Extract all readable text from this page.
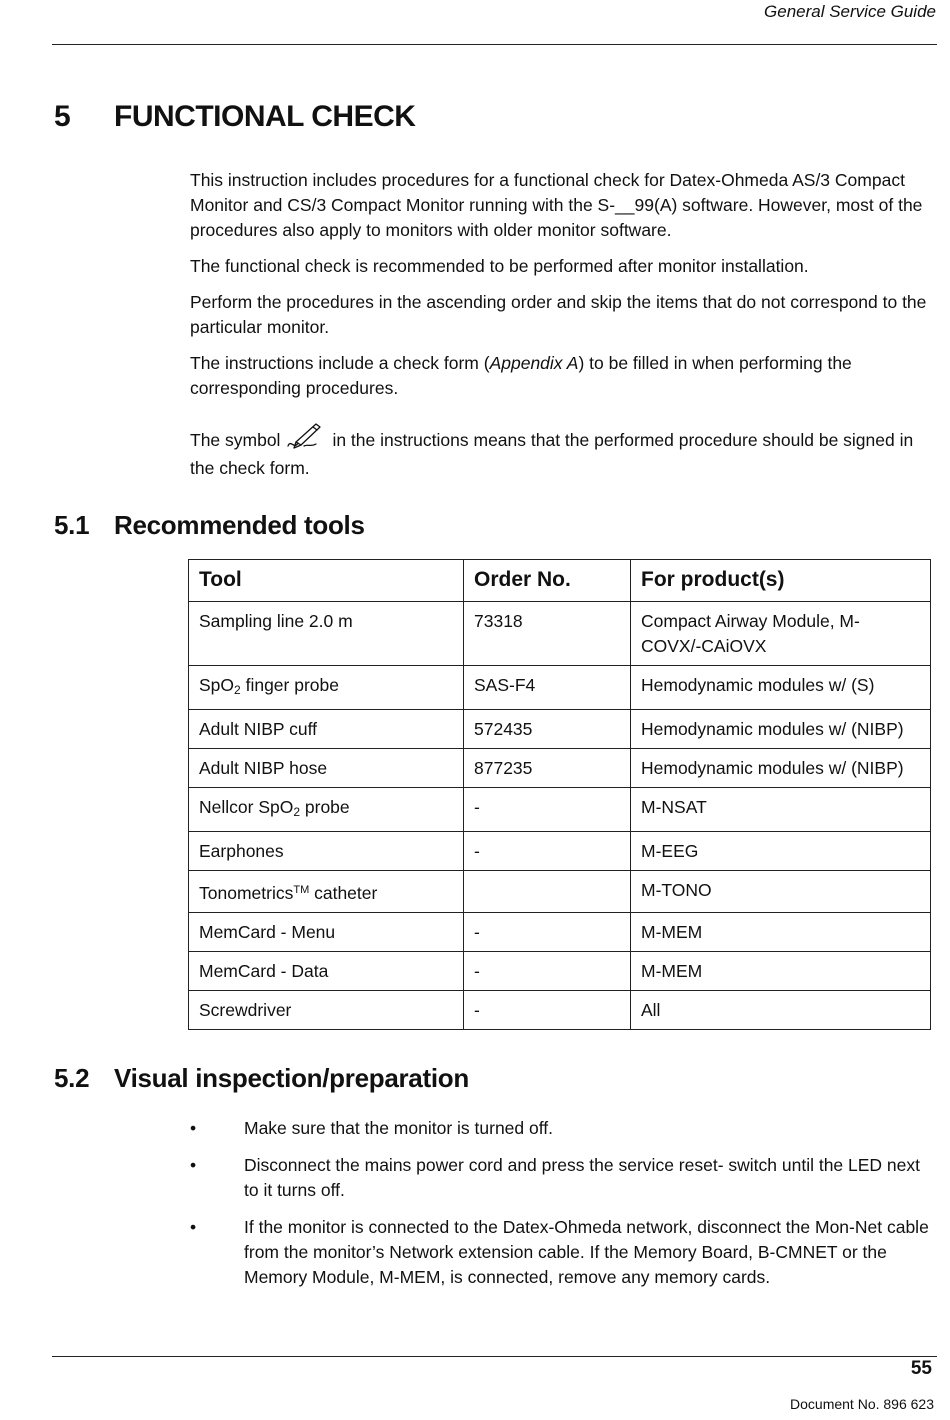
General Service Guide
5 FUNCTIONAL CHECK
This instruction includes procedures for a functional check for Datex-Ohmeda AS/3 Compact Monitor and CS/3 Compact Monitor running with the S-__99(A) software. However, most of the procedures also apply to monitors with older monitor software.
The functional check is recommended to be performed after monitor installation.
Perform the procedures in the ascending order and skip the items that do not correspond to the particular monitor.
The instructions include a check form (Appendix A) to be filled in when performing the corresponding procedures.
The symbol	in the instructions means that the performed procedure should be signed in the check form.
5.1 Recommended tools
Tool	Order No.	For product(s)
Sampling line 2.0 m	73318	Compact Airway Module, M-COVX/-CAiOVX
SpO$_2$ finger probe	SAS-F4	Hemodynamic modules w/ (S)
Adult NIBP cuff	572435	Hemodynamic modules w/ (NIBP)
Adult NIBP hose	877235	Hemodynamic modules w/ (NIBP)
Nellcor SpO$_2$ probe	-	M-NSAT
Earphones	-	M-EEG
Tonometrics™ catheter		M-TONO
MemCard - Menu	-	M-MEM
MemCard - Data	-	M-MEM
Screwdriver	-	All
5.2 Visual inspection/preparation
•	Make sure that the monitor is turned off.
•	Disconnect the mains power cord and press the service reset- switch until the LED next to it turns off.
•	If the monitor is connected to the Datex-Ohmeda network, disconnect the Mon-Net cable from the monitor’s Network extension cable. If the Memory Board, B-CMNET or the Memory Module, M-MEM, is connected, remove any memory cards.
55
Document No. 896 623
